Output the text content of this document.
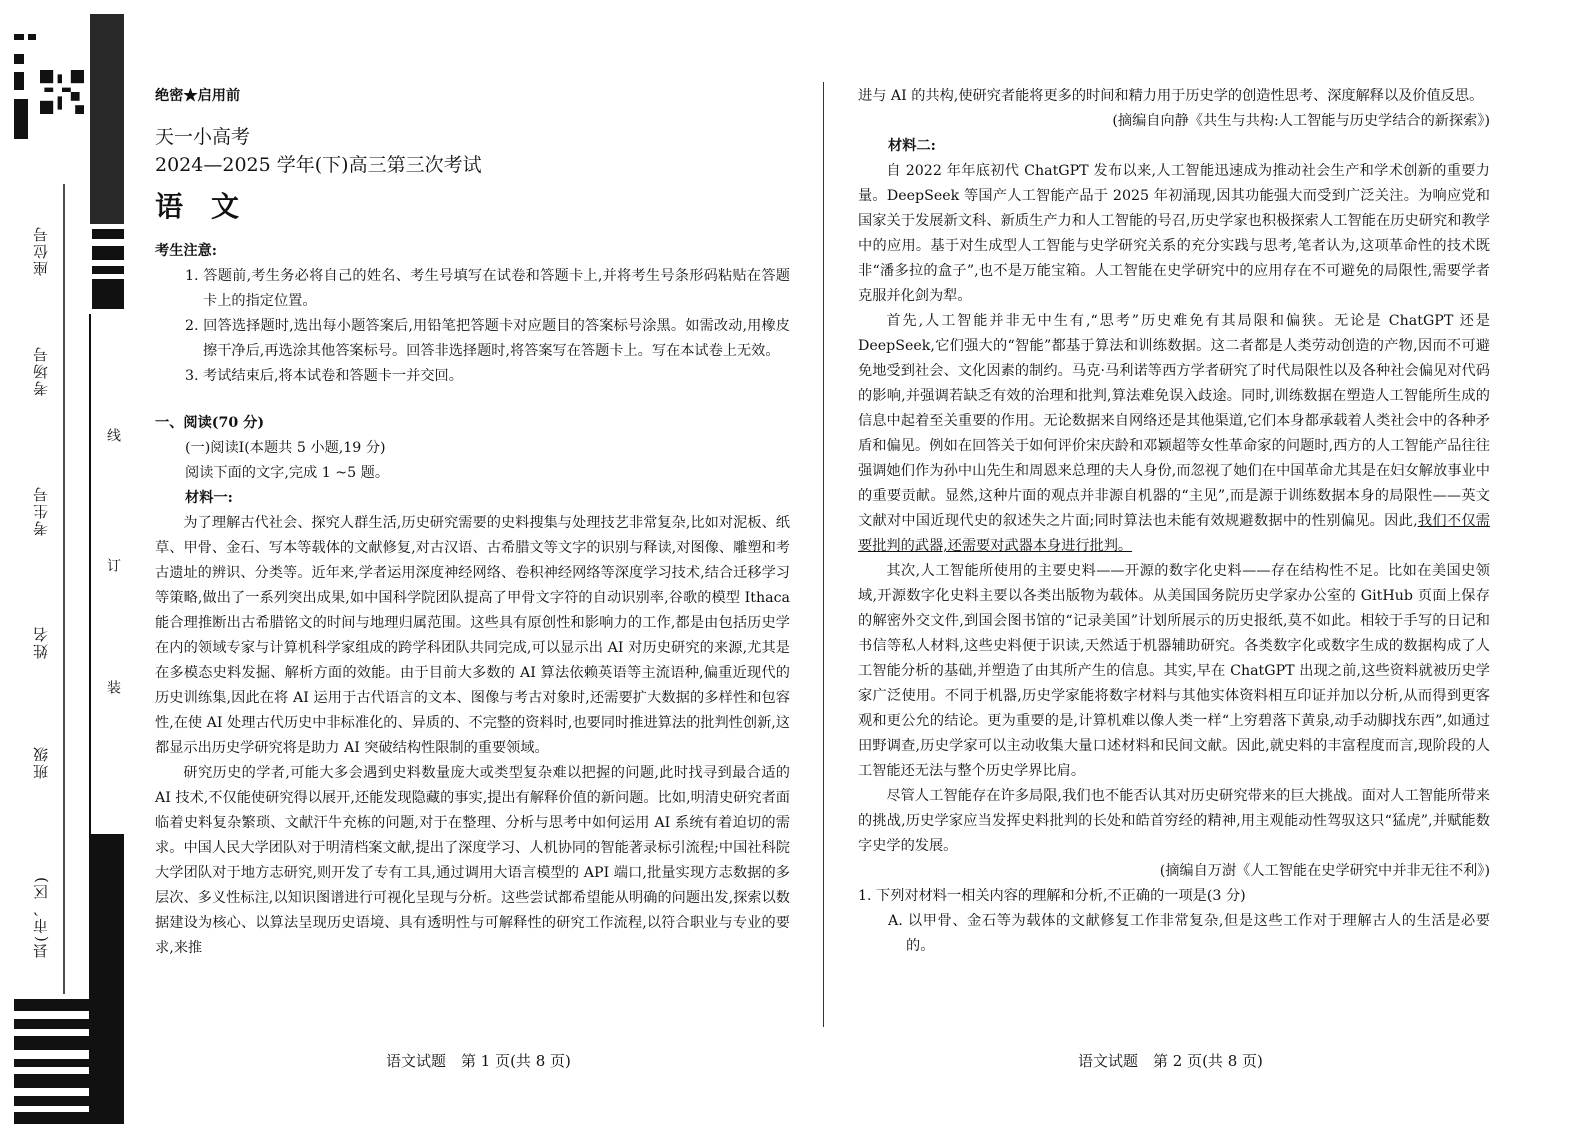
座位号
考场号
考生号
姓名
班级
县(市、区)
线
订
装

绝密★启用前

天一小高考

2024—2025 学年(下)高三第三次考试

语　文

考生注意:

1. 答题前,考生务必将自己的姓名、考生号填写在试卷和答题卡上,并将考生号条形码粘贴在答题卡上的指定位置。

2. 回答选择题时,选出每小题答案后,用铅笔把答题卡对应题目的答案标号涂黑。如需改动,用橡皮擦干净后,再选涂其他答案标号。回答非选择题时,将答案写在答题卡上。写在本试卷上无效。

3. 考试结束后,将本试卷和答题卡一并交回。

一、阅读(70 分)

(一)阅读Ⅰ(本题共 5 小题,19 分)

阅读下面的文字,完成 1 ~5 题。

材料一:

为了理解古代社会、探究人群生活,历史研究需要的史料搜集与处理技艺非常复杂,比如对泥板、纸草、甲骨、金石、写本等载体的文献修复,对古汉语、古希腊文等文字的识别与释读,对图像、雕塑和考古遗址的辨识、分类等。近年来,学者运用深度神经网络、卷积神经网络等深度学习技术,结合迁移学习等策略,做出了一系列突出成果,如中国科学院团队提高了甲骨文字符的自动识别率,谷歌的模型 Ithaca 能合理推断出古希腊铭文的时间与地理归属范围。这些具有原创性和影响力的工作,都是由包括历史学在内的领域专家与计算机科学家组成的跨学科团队共同完成,可以显示出 AI 对历史研究的来源,尤其是在多模态史料发掘、解析方面的效能。由于目前大多数的 AI 算法依赖英语等主流语种,偏重近现代的历史训练集,因此在将 AI 运用于古代语言的文本、图像与考古对象时,还需要扩大数据的多样性和包容性,在使 AI 处理古代历史中非标准化的、异质的、不完整的资料时,也要同时推进算法的批判性创新,这都显示出历史学研究将是助力 AI 突破结构性限制的重要领域。

研究历史的学者,可能大多会遇到史料数量庞大或类型复杂难以把握的问题,此时找寻到最合适的 AI 技术,不仅能使研究得以展开,还能发现隐藏的事实,提出有解释价值的新问题。比如,明清史研究者面临着史料复杂繁琐、文献汗牛充栋的问题,对于在整理、分析与思考中如何运用 AI 系统有着迫切的需求。中国人民大学团队对于明清档案文献,提出了深度学习、人机协同的智能著录标引流程;中国社科院大学团队对于地方志研究,则开发了专有工具,通过调用大语言模型的 API 端口,批量实现方志数据的多层次、多义性标注,以知识图谱进行可视化呈现与分析。这些尝试都希望能从明确的问题出发,探索以数据建设为核心、以算法呈现历史语境、具有透明性与可解释性的研究工作流程,以符合职业与专业的要求,来推

语文试题　第 1 页(共 8 页)

进与 AI 的共构,使研究者能将更多的时间和精力用于历史学的创造性思考、深度解释以及价值反思。

(摘编自向静《共生与共构:人工智能与历史学结合的新探索》)

材料二:

自 2022 年年底初代 ChatGPT 发布以来,人工智能迅速成为推动社会生产和学术创新的重要力量。DeepSeek 等国产人工智能产品于 2025 年初涌现,因其功能强大而受到广泛关注。为响应党和国家关于发展新文科、新质生产力和人工智能的号召,历史学家也积极探索人工智能在历史研究和教学中的应用。基于对生成型人工智能与史学研究关系的充分实践与思考,笔者认为,这项革命性的技术既非“潘多拉的盒子”,也不是万能宝箱。人工智能在史学研究中的应用存在不可避免的局限性,需要学者克服并化剑为犁。

首先,人工智能并非无中生有,“思考”历史难免有其局限和偏狭。无论是 ChatGPT 还是 DeepSeek,它们强大的“智能”都基于算法和训练数据。这二者都是人类劳动创造的产物,因而不可避免地受到社会、文化因素的制约。马克·马利诺等西方学者研究了时代局限性以及各种社会偏见对代码的影响,并强调若缺乏有效的治理和批判,算法难免误入歧途。同时,训练数据在塑造人工智能所生成的信息中起着至关重要的作用。无论数据来自网络还是其他渠道,它们本身都承载着人类社会中的各种矛盾和偏见。例如在回答关于如何评价宋庆龄和邓颖超等女性革命家的问题时,西方的人工智能产品往往强调她们作为孙中山先生和周恩来总理的夫人身份,而忽视了她们在中国革命尤其是在妇女解放事业中的重要贡献。显然,这种片面的观点并非源自机器的“主见”,而是源于训练数据本身的局限性——英文文献对中国近现代史的叙述失之片面;同时算法也未能有效规避数据中的性别偏见。因此,我们不仅需要批判的武器,还需要对武器本身进行批判。

其次,人工智能所使用的主要史料——开源的数字化史料——存在结构性不足。比如在美国史领域,开源数字化史料主要以各类出版物为载体。从美国国务院历史学家办公室的 GitHub 页面上保存的解密外交文件,到国会图书馆的“记录美国”计划所展示的历史报纸,莫不如此。相较于手写的日记和书信等私人材料,这些史料便于识读,天然适于机器辅助研究。各类数字化或数字生成的数据构成了人工智能分析的基础,并塑造了由其所产生的信息。其实,早在 ChatGPT 出现之前,这些资料就被历史学家广泛使用。不同于机器,历史学家能将数字材料与其他实体资料相互印证并加以分析,从而得到更客观和更公允的结论。更为重要的是,计算机难以像人类一样“上穷碧落下黄泉,动手动脚找东西”,如通过田野调查,历史学家可以主动收集大量口述材料和民间文献。因此,就史料的丰富程度而言,现阶段的人工智能还无法与整个历史学界比肩。

尽管人工智能存在许多局限,我们也不能否认其对历史研究带来的巨大挑战。面对人工智能所带来的挑战,历史学家应当发挥史料批判的长处和皓首穷经的精神,用主观能动性驾驭这只“猛虎”,并赋能数字史学的发展。

(摘编自万澍《人工智能在史学研究中并非无往不利》)

1. 下列对材料一相关内容的理解和分析,不正确的一项是(3 分)

A. 以甲骨、金石等为载体的文献修复工作非常复杂,但是这些工作对于理解古人的生活是必要的。

语文试题　第 2 页(共 8 页)
